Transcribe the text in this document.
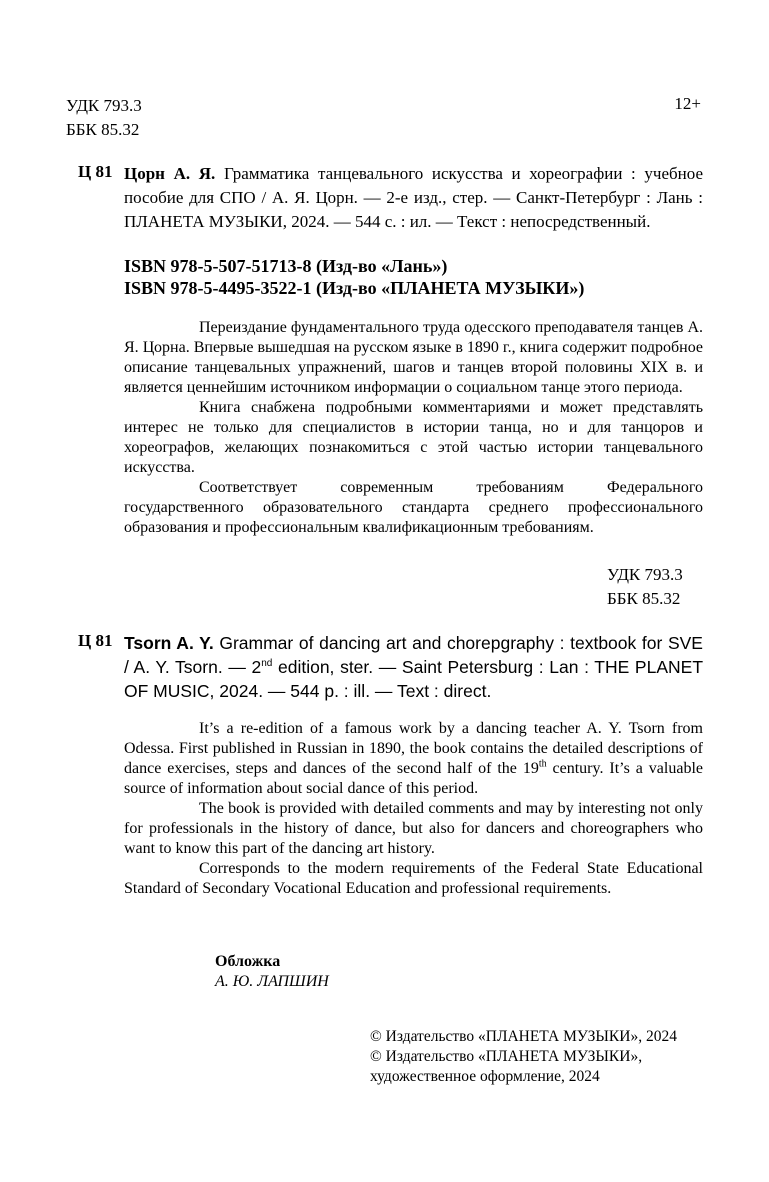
УДК 793.3
ББК 85.32
12+
Ц 81 Цорн А. Я. Грамматика танцевального искусства и хореографии : учебное пособие для СПО / А. Я. Цорн. — 2-е изд., стер. — Санкт-Петербург : Лань : ПЛАНЕТА МУЗЫКИ, 2024. — 544 с. : ил. — Текст : непосредственный.
ISBN 978-5-507-51713-8 (Изд-во «Лань»)
ISBN 978-5-4495-3522-1 (Изд-во «ПЛАНЕТА МУЗЫКИ»)

Переиздание фундаментального труда одесского преподавателя танцев А. Я. Цорна. Впервые вышедшая на русском языке в 1890 г., книга содержит подробное описание танцевальных упражнений, шагов и танцев второй половины XIX в. и является ценнейшим источником информации о социальном танце этого периода.

Книга снабжена подробными комментариями и может представлять интерес не только для специалистов в истории танца, но и для танцоров и хореографов, желающих познакомиться с этой частью истории танцевального искусства.

Соответствует современным требованиям Федерального государственного образовательного стандарта среднего профессионального образования и профессиональным квалификационным требованиям.

УДК 793.3
ББК 85.32
Ц 81 Tsorn A. Y. Grammar of dancing art and chorepgraphy : textbook for SVE / A. Y. Tsorn. — 2nd edition, ster. — Saint Petersburg : Lan : THE PLANET OF MUSIC, 2024. — 544 p. : ill. — Text : direct.

It’s a re-edition of a famous work by a dancing teacher A. Y. Tsorn from Odessa. First published in Russian in 1890, the book contains the detailed descriptions of dance exercises, steps and dances of the second half of the 19th century. It’s a valuable source of information about social dance of this period.

The book is provided with detailed comments and may by interesting not only for professionals in the history of dance, but also for dancers and choreographers who want to know this part of the dancing art history.

Corresponds to the modern requirements of the Federal State Educational Standard of Secondary Vocational Education and professional requirements.

Обложка
А. Ю. ЛАПШИН
© Издательство «ПЛАНЕТА МУЗЫКИ», 2024
© Издательство «ПЛАНЕТА МУЗЫКИ»,
художественное оформление, 2024
